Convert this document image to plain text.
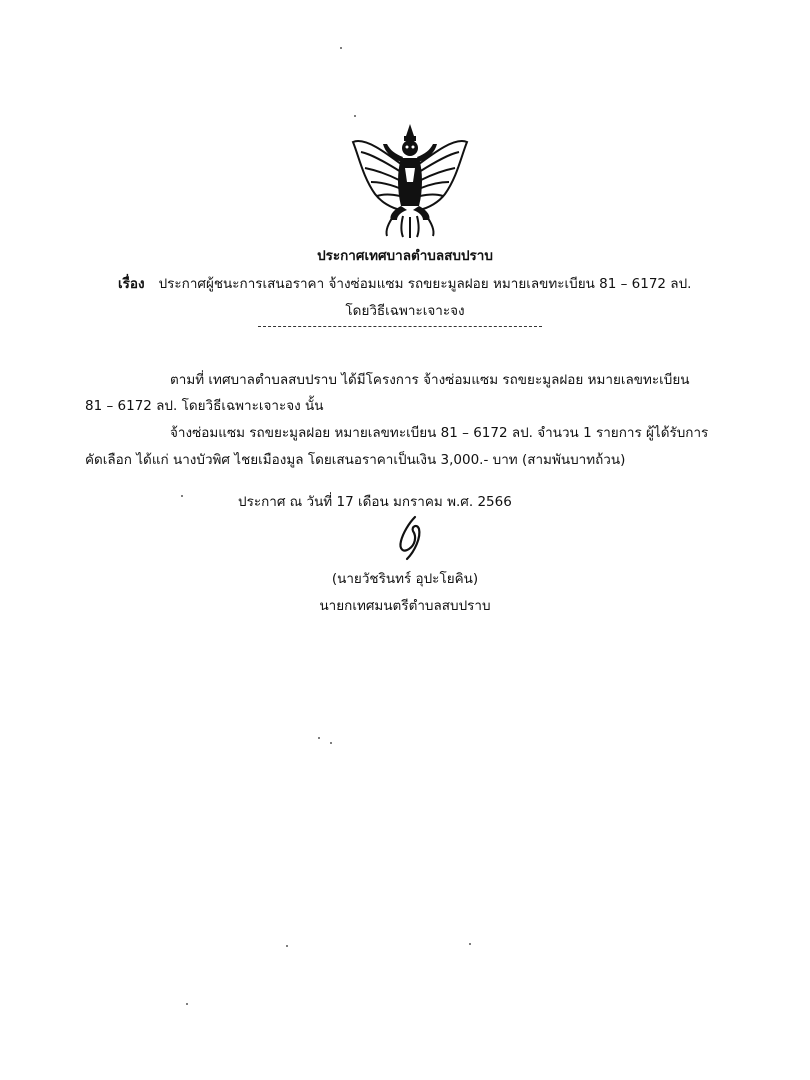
ประกาศเทศบาลตำบลสบปราบ
เรื่อง ประกาศผู้ชนะการเสนอราคา จ้างซ่อมแซม รถขยะมูลฝอย หมายเลขทะเบียน 81 – 6172 ลป.
โดยวิธีเฉพาะเจาะจง
ตามที่ เทศบาลตำบลสบปราบ ได้มีโครงการ จ้างซ่อมแซม รถขยะมูลฝอย หมายเลขทะเบียน
81 – 6172 ลป. โดยวิธีเฉพาะเจาะจง นั้น
จ้างซ่อมแซม รถขยะมูลฝอย หมายเลขทะเบียน 81 – 6172 ลป. จำนวน 1 รายการ ผู้ได้รับการ
คัดเลือก ได้แก่ นางบัวพิศ ไชยเมืองมูล โดยเสนอราคาเป็นเงิน 3,000.- บาท (สามพันบาทถ้วน)
ประกาศ ณ วันที่ 17 เดือน มกราคม พ.ศ. 2566
(นายวัชรินทร์ อุปะโยคิน)
นายกเทศมนตรีตำบลสบปราบ
